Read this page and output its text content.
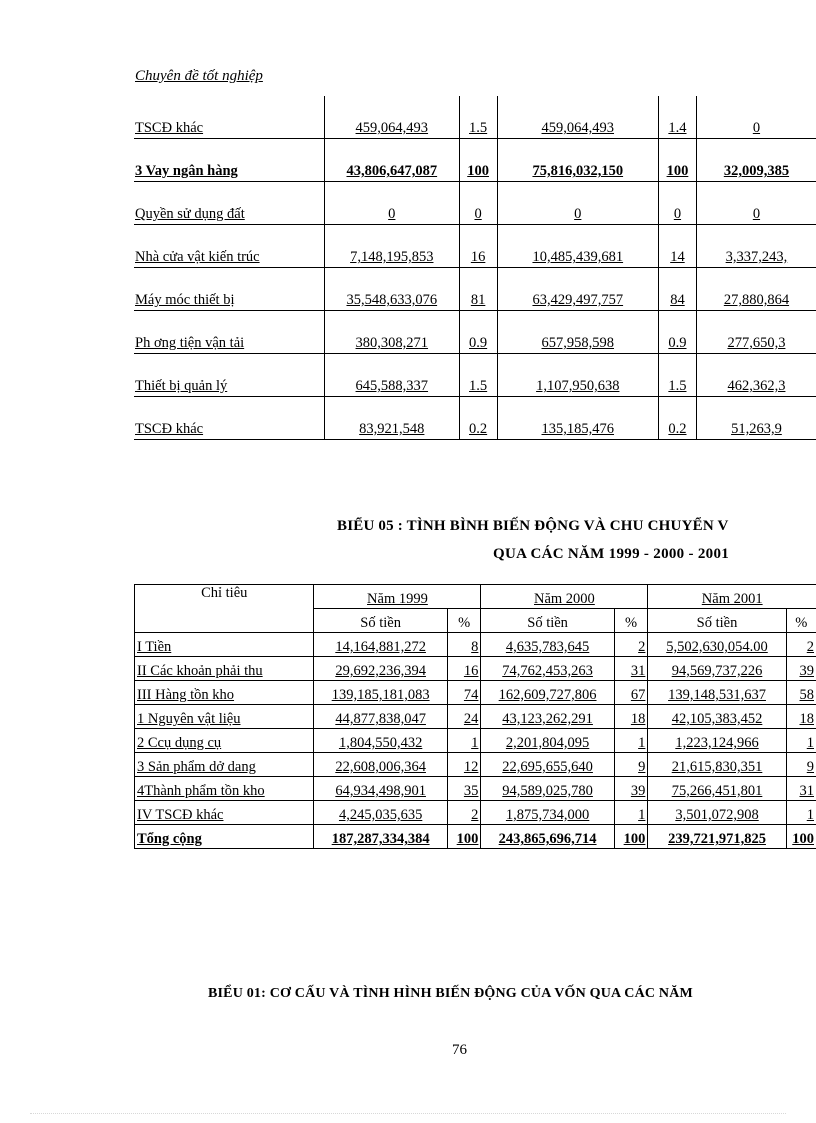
Chuyên đề tốt nghiệp
TSCĐ khác	459,064,493	1.5	459,064,493	1.4	0
3 Vay ngân hàng	43,806,647,087	100	75,816,032,150	100	32,009,385
Quyền sử dụng đất	0	0	0	0	0
Nhà cửa vật kiến trúc	7,148,195,853	16	10,485,439,681	14	3,337,243,
Máy móc thiết bị	35,548,633,076	81	63,429,497,757	84	27,880,864
Ph ơng tiện vận tải	380,308,271	0.9	657,958,598	0.9	277,650,3
Thiết bị quản lý	645,588,337	1.5	1,107,950,638	1.5	462,362,3
TSCĐ khác	83,921,548	0.2	135,185,476	0.2	51,263,9
BIỂU 05 : TÌNH BÌNH BIẾN ĐỘNG VÀ CHU CHUYỂN V
QUA CÁC NĂM 1999 - 2000 - 2001
Chỉ tiêu	Năm 1999		Năm 2000		Năm 2001	
	Số tiền	%	Số tiền	%	Số tiền	%
I Tiền	14,164,881,272	8	4,635,783,645	2	5,502,630,054.00	2
II Các khoản phải thu	29,692,236,394	16	74,762,453,263	31	94,569,737,226	39
III Hàng tồn kho	139,185,181,083	74	162,609,727,806	67	139,148,531,637	58
1 Nguyên vật liệu	44,877,838,047	24	43,123,262,291	18	42,105,383,452	18
2 Ccụ dụng cụ	1,804,550,432	1	2,201,804,095	1	1,223,124,966	1
3 Sản phẩm dở dang	22,608,006,364	12	22,695,655,640	9	21,615,830,351	9
4Thành phẩm tồn kho	64,934,498,901	35	94,589,025,780	39	75,266,451,801	31
IV TSCĐ khác	4,245,035,635	2	1,875,734,000	1	3,501,072,908	1
Tổng cộng	187,287,334,384	100	243,865,696,714	100	239,721,971,825	100
BIỂU 01: CƠ CẤU VÀ TÌNH HÌNH BIẾN ĐỘNG CỦA VỐN QUA CÁC NĂM
76
